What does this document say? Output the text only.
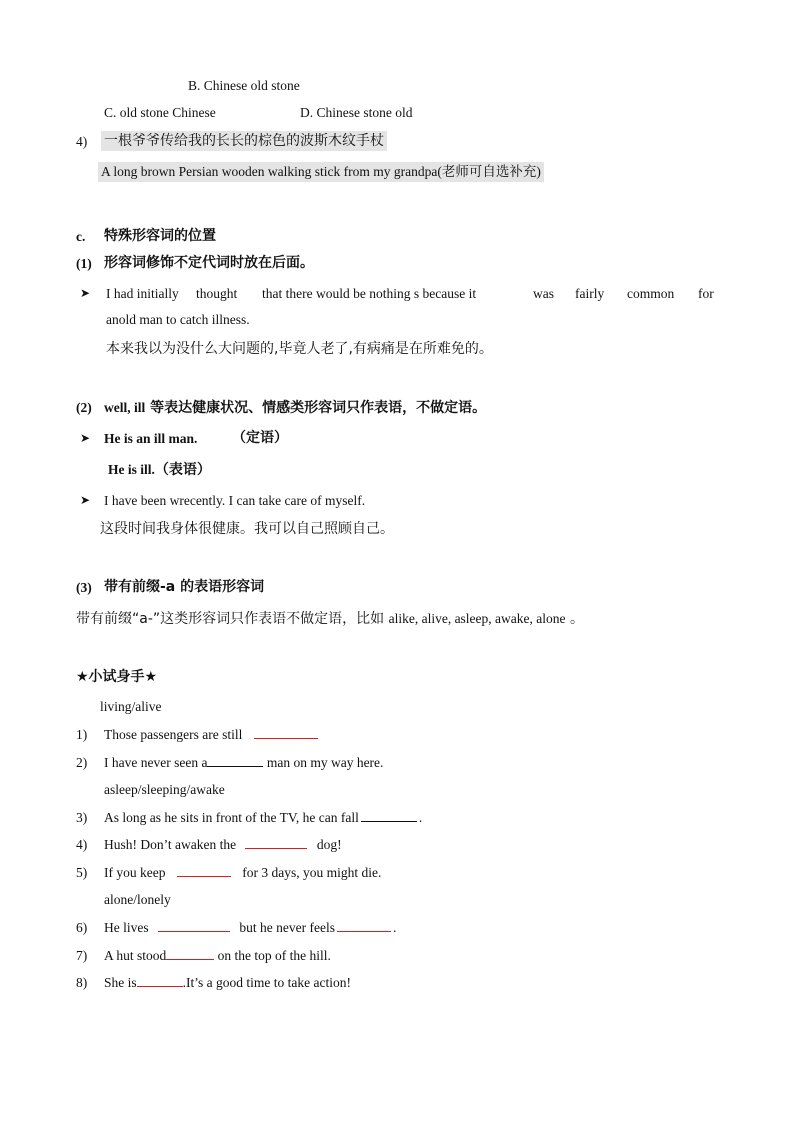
B. Chinese old stone
C. old stone Chinese	D. Chinese stone old
4) 一根爷爷传给我的长长的棕色的波斯木纹手杖
A long brown Persian wooden walking stick from my grandpa(老师可自选补充)
c. 特殊形容词的位置
(1) 形容词修饰不定代词时放在后面。
➤ I had initially thought that there would be nothing s because it	was fairly common for
anold man to catch illness.
本来我以为没什么大问题的,毕竟人老了,有病痛是在所难免的。
(2) well, ill 等表达健康状况、情感类形容词只作表语，不做定语。
➤ He is an ill man. （定语）
He is ill.（表语）
➤ I have been wrecently. I can take care of myself.
这段时间我身体很健康。我可以自己照顾自己。
(3) 带有前缀-a 的表语形容词
带有前缀“a-”这类形容词只作表语不做定语，比如 alike, alive, asleep, awake, alone 。
★小试身手★
living/alive
1) Those passengers are still
2) I have never seen a	man on my way here.
asleep/sleeping/awake
3) As long as he sits in front of the TV, he can fall	.
4) Hush! Don’t awaken the	dog!
5) If you keep	for 3 days, you might die.
alone/lonely
6) He lives	but he never feels	.
7) A hut stood	on the top of the hill.
8) She is	.It’s a good time to take action!
